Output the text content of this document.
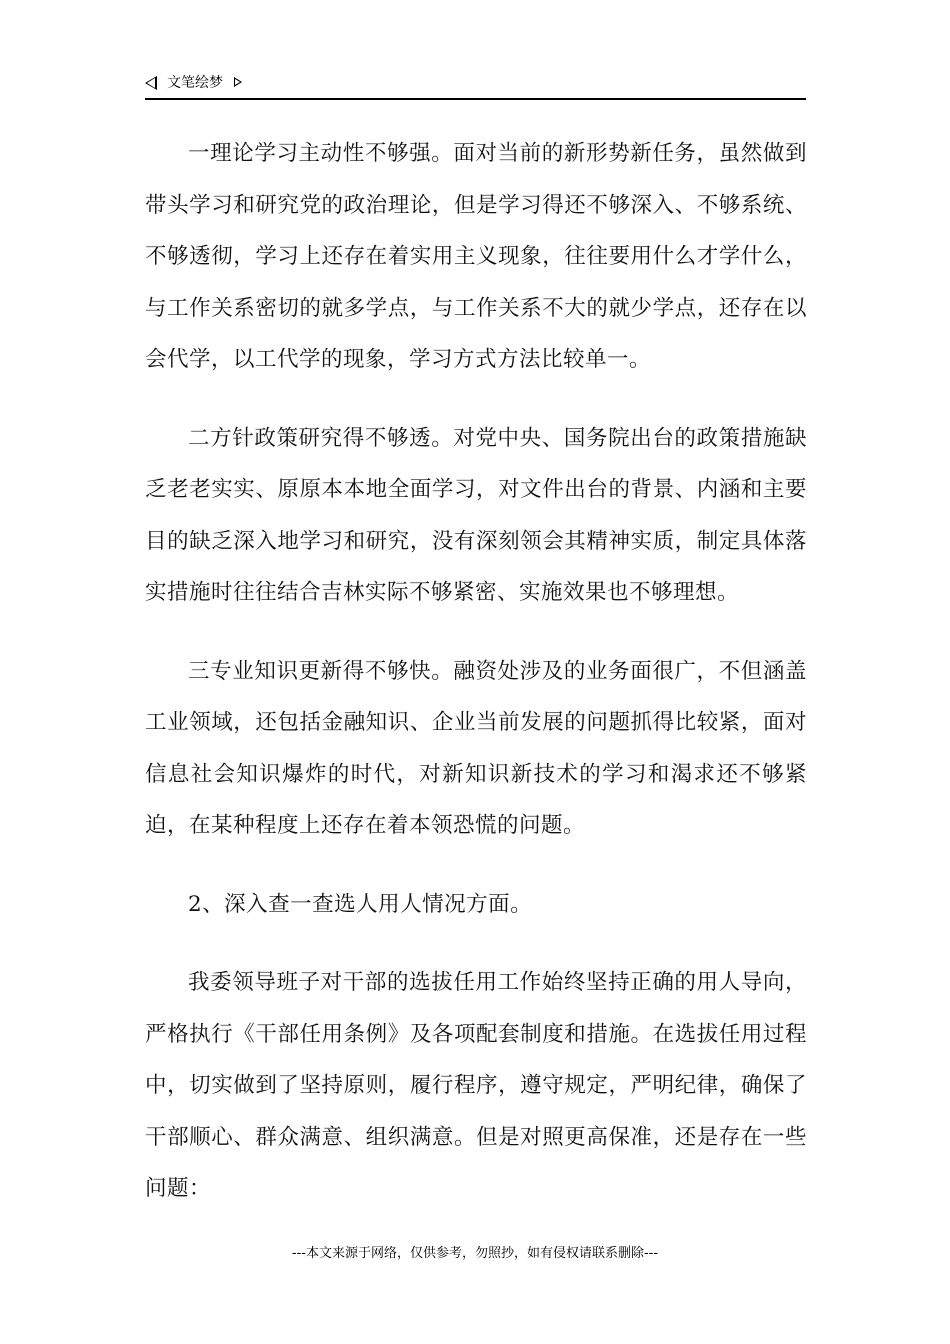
文笔绘梦

一理论学习主动性不够强。面对当前的新形势新任务，虽然做到带头学习和研究党的政治理论，但是学习得还不够深入、不够系统、不够透彻，学习上还存在着实用主义现象，往往要用什么才学什么，与工作关系密切的就多学点，与工作关系不大的就少学点，还存在以会代学，以工代学的现象，学习方式方法比较单一。

二方针政策研究得不够透。对党中央、国务院出台的政策措施缺乏老老实实、原原本本地全面学习，对文件出台的背景、内涵和主要目的缺乏深入地学习和研究，没有深刻领会其精神实质，制定具体落实措施时往往结合吉林实际不够紧密、实施效果也不够理想。

三专业知识更新得不够快。融资处涉及的业务面很广，不但涵盖工业领域，还包括金融知识、企业当前发展的问题抓得比较紧，面对信息社会知识爆炸的时代，对新知识新技术的学习和渴求还不够紧迫，在某种程度上还存在着本领恐慌的问题。

2、深入查一查选人用人情况方面。

我委领导班子对干部的选拔任用工作始终坚持正确的用人导向，严格执行《干部任用条例》及各项配套制度和措施。在选拔任用过程中，切实做到了坚持原则，履行程序，遵守规定，严明纪律，确保了干部顺心、群众满意、组织满意。但是对照更高保准，还是存在一些问题：

---本文来源于网络，仅供参考，勿照抄，如有侵权请联系删除---
